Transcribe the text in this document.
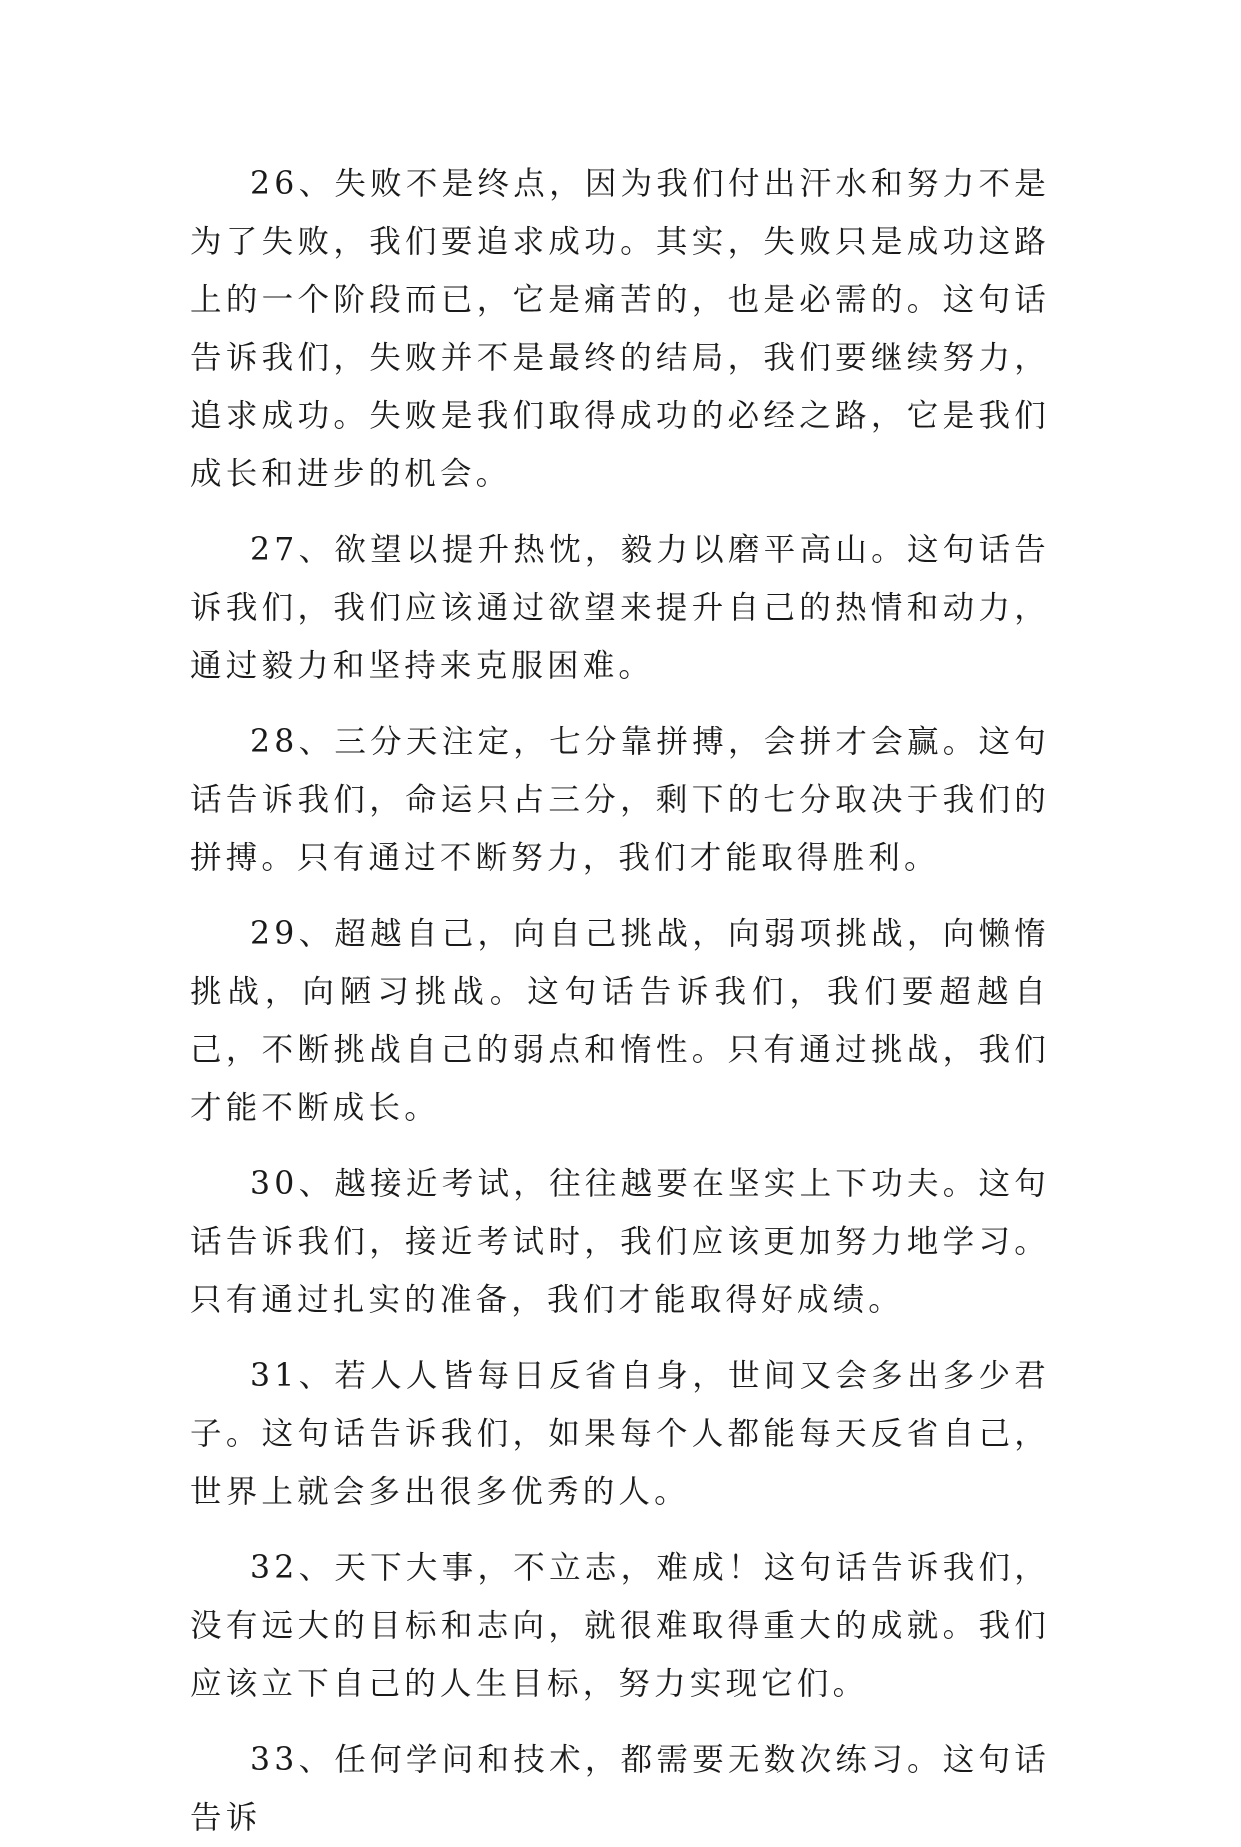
26、失败不是终点，因为我们付出汗水和努力不是为了失败，我们要追求成功。其实，失败只是成功这路上的一个阶段而已，它是痛苦的，也是必需的。这句话告诉我们，失败并不是最终的结局，我们要继续努力，追求成功。失败是我们取得成功的必经之路，它是我们成长和进步的机会。

27、欲望以提升热忱，毅力以磨平高山。这句话告诉我们，我们应该通过欲望来提升自己的热情和动力，通过毅力和坚持来克服困难。

28、三分天注定，七分靠拼搏，会拼才会赢。这句话告诉我们，命运只占三分，剩下的七分取决于我们的拼搏。只有通过不断努力，我们才能取得胜利。

29、超越自己，向自己挑战，向弱项挑战，向懒惰挑战，向陋习挑战。这句话告诉我们，我们要超越自己，不断挑战自己的弱点和惰性。只有通过挑战，我们才能不断成长。

30、越接近考试，往往越要在坚实上下功夫。这句话告诉我们，接近考试时，我们应该更加努力地学习。只有通过扎实的准备，我们才能取得好成绩。

31、若人人皆每日反省自身，世间又会多出多少君子。这句话告诉我们，如果每个人都能每天反省自己，世界上就会多出很多优秀的人。

32、天下大事，不立志，难成！这句话告诉我们，没有远大的目标和志向，就很难取得重大的成就。我们应该立下自己的人生目标，努力实现它们。

33、任何学问和技术，都需要无数次练习。这句话告诉
